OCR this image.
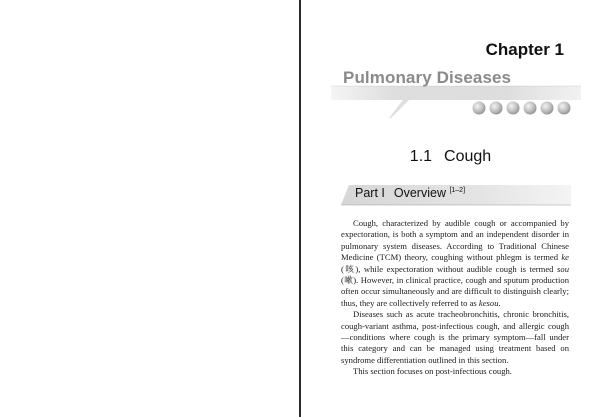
Chapter 1
Pulmonary Diseases
1.1 Cough
Part I Overview [1–2]

Cough, characterized by audible cough or accompanied by expectoration, is both a symptom and an independent disorder in pulmonary system diseases. According to Traditional Chinese Medicine (TCM) theory, coughing without phlegm is termed ke (咳), while expectoration without audible cough is termed sou (嗽). However, in clinical practice, cough and sputum production often occur simultaneously and are difficult to distinguish clearly; thus, they are collectively referred to as kesou.

Diseases such as acute tracheobronchitis, chronic bronchitis, cough-variant asthma, post-infectious cough, and allergic cough—conditions where cough is the primary symptom—fall under this category and can be managed using treatment based on syndrome differentiation outlined in this section.

This section focuses on post-infectious cough.
